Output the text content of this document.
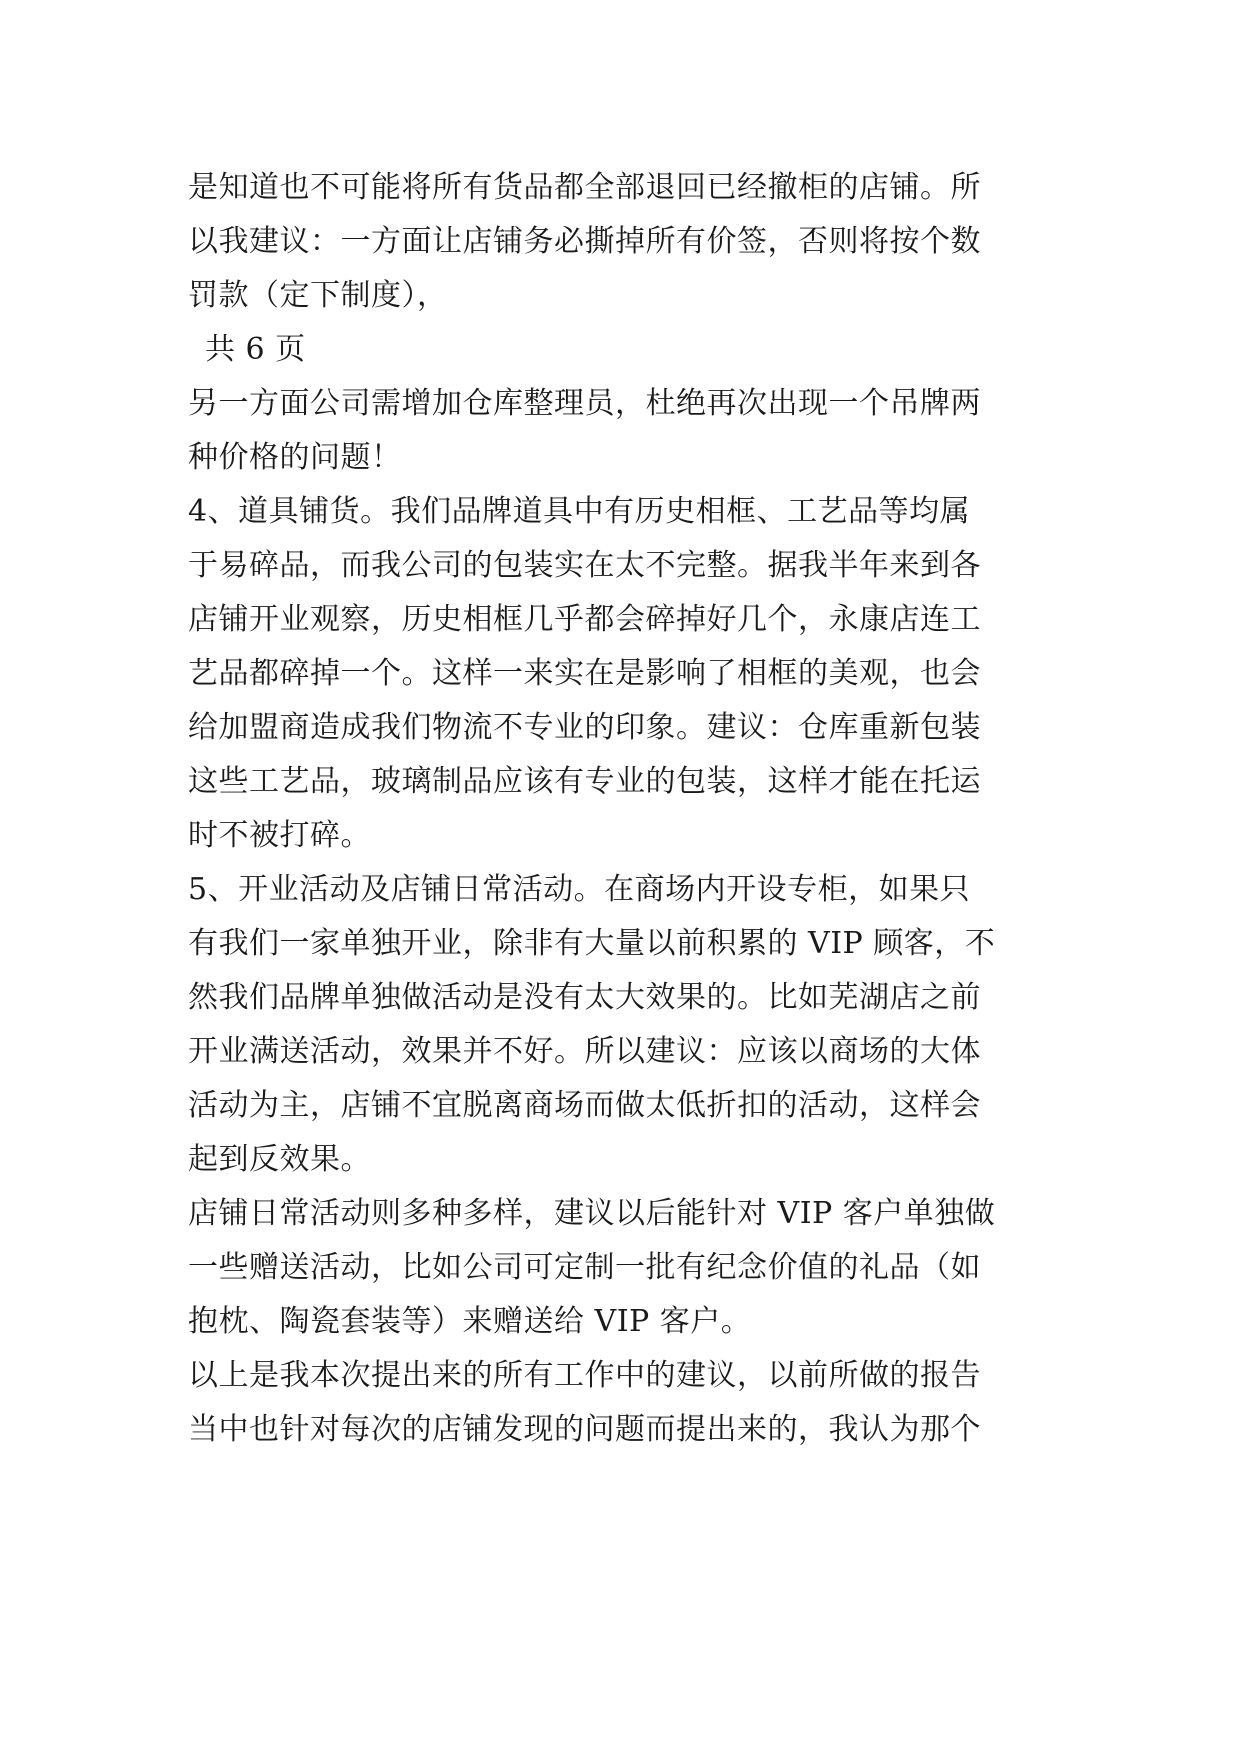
是知道也不可能将所有货品都全部退回已经撤柜的店铺。所
以我建议：一方面让店铺务必撕掉所有价签，否则将按个数
罚款（定下制度），
共 6 页
另一方面公司需增加仓库整理员，杜绝再次出现一个吊牌两
种价格的问题！
4、道具铺货。我们品牌道具中有历史相框、工艺品等均属
于易碎品，而我公司的包装实在太不完整。据我半年来到各
店铺开业观察，历史相框几乎都会碎掉好几个，永康店连工
艺品都碎掉一个。这样一来实在是影响了相框的美观，也会
给加盟商造成我们物流不专业的印象。建议：仓库重新包装
这些工艺品，玻璃制品应该有专业的包装，这样才能在托运
时不被打碎。
5、开业活动及店铺日常活动。在商场内开设专柜，如果只
有我们一家单独开业，除非有大量以前积累的 VIP 顾客，不
然我们品牌单独做活动是没有太大效果的。比如芜湖店之前
开业满送活动，效果并不好。所以建议：应该以商场的大体
活动为主，店铺不宜脱离商场而做太低折扣的活动，这样会
起到反效果。
店铺日常活动则多种多样，建议以后能针对 VIP 客户单独做
一些赠送活动，比如公司可定制一批有纪念价值的礼品（如
抱枕、陶瓷套装等）来赠送给 VIP 客户。
以上是我本次提出来的所有工作中的建议，以前所做的报告
当中也针对每次的店铺发现的问题而提出来的，我认为那个
